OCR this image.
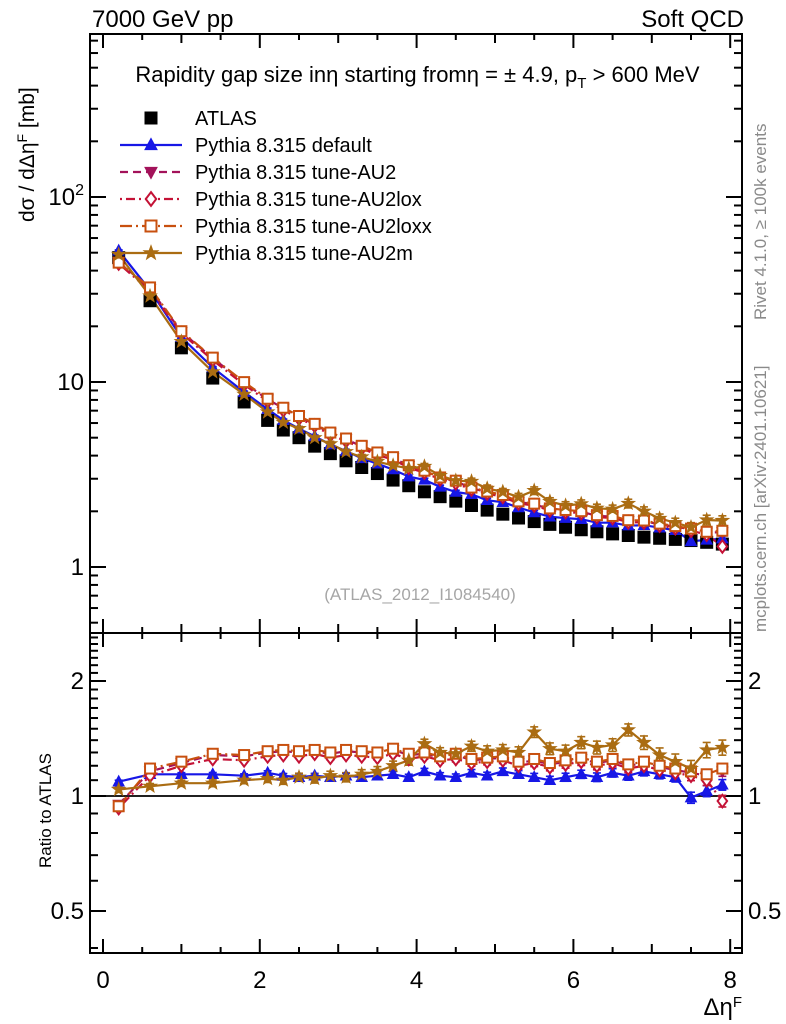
7000 GeV pp	Soft QCD
(ATLAS_2012_I1084540)
0	2	4	6	8
1
10
$10^2$
0.5	0.5
1	1
2	2
ATLAS
Pythia 8.315 default
Pythia 8.315 tune-AU2
Pythia 8.315 tune-AU2lox
Pythia 8.315 tune-AU2loxx
Pythia 8.315 tune-AU2m
Rapidity gap size inη starting fromη = ± 4.9, $p_T > 600$ MeV
dσ / dΔη$^F$ [mb]
Ratio to ATLAS
Rivet 4.1.0, ≥ 100k events
mcplots.cern.ch [arXiv:2401.10621]
$\Delta\eta^F$
